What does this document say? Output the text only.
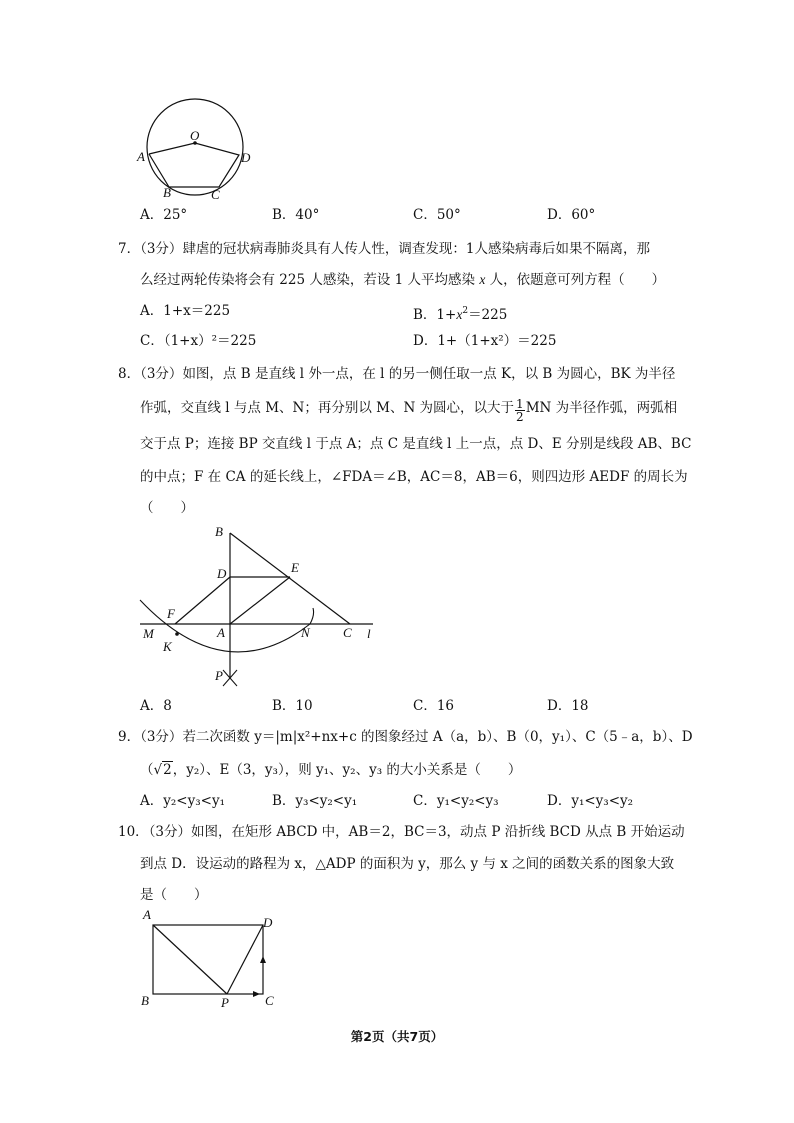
O
A
B	C
D
A．25°	B．40°	C．50°	D．60°
7．（3分）肆虐的冠状病毒肺炎具有人传人性，调查发现：1人感染病毒后如果不隔离，那
么经过两轮传染将会有 225 人感染，若设 1 人平均感染 x 人，依题意可列方程（　　）
A．1+x＝225	B．$1+x^2=225$
C．（1+x）²＝225	D．1+（1+x²）＝225
8．（3分）如图，点 B 是直线 l 外一点，在 l 的另一侧任取一点 K，以 B 为圆心，BK 为半径
作弧，交直线 l 与点 M、N；再分别以 M、N 为圆心，以大于 $\frac{1}{2}$ MN 为半径作弧，两弧相
交于点 P；连接 BP 交直线 l 于点 A；点 C 是直线 l 上一点，点 D、E 分别是线段 AB、BC
的中点；F 在 CA 的延长线上，∠FDA＝∠B，AC＝8，AB＝6，则四边形 AEDF 的周长为
（　　）
B
D	E
F
M
K
A	N	C l
P
A．8	B．10	C．16	D．18
9．（3分）若二次函数 y＝|m|x²+nx+c 的图象经过 A（a，b）、B（0，y₁）、C（5﹣a，b）、D
（√2，y₂）、E（3，y₃），则 y₁、y₂、y₃ 的大小关系是（　　）
A．y₂<y₃<y₁	B．y₃<y₂<y₁	C．y₁<y₂<y₃	D．y₁<y₃<y₂
10．（3分）如图，在矩形 ABCD 中，AB＝2，BC＝3，动点 P 沿折线 BCD 从点 B 开始运动
到点 D．设运动的路程为 x，△ADP 的面积为 y，那么 y 与 x 之间的函数关系的图象大致
是（　　）
A
D
B	P	C
第2页（共7页）
